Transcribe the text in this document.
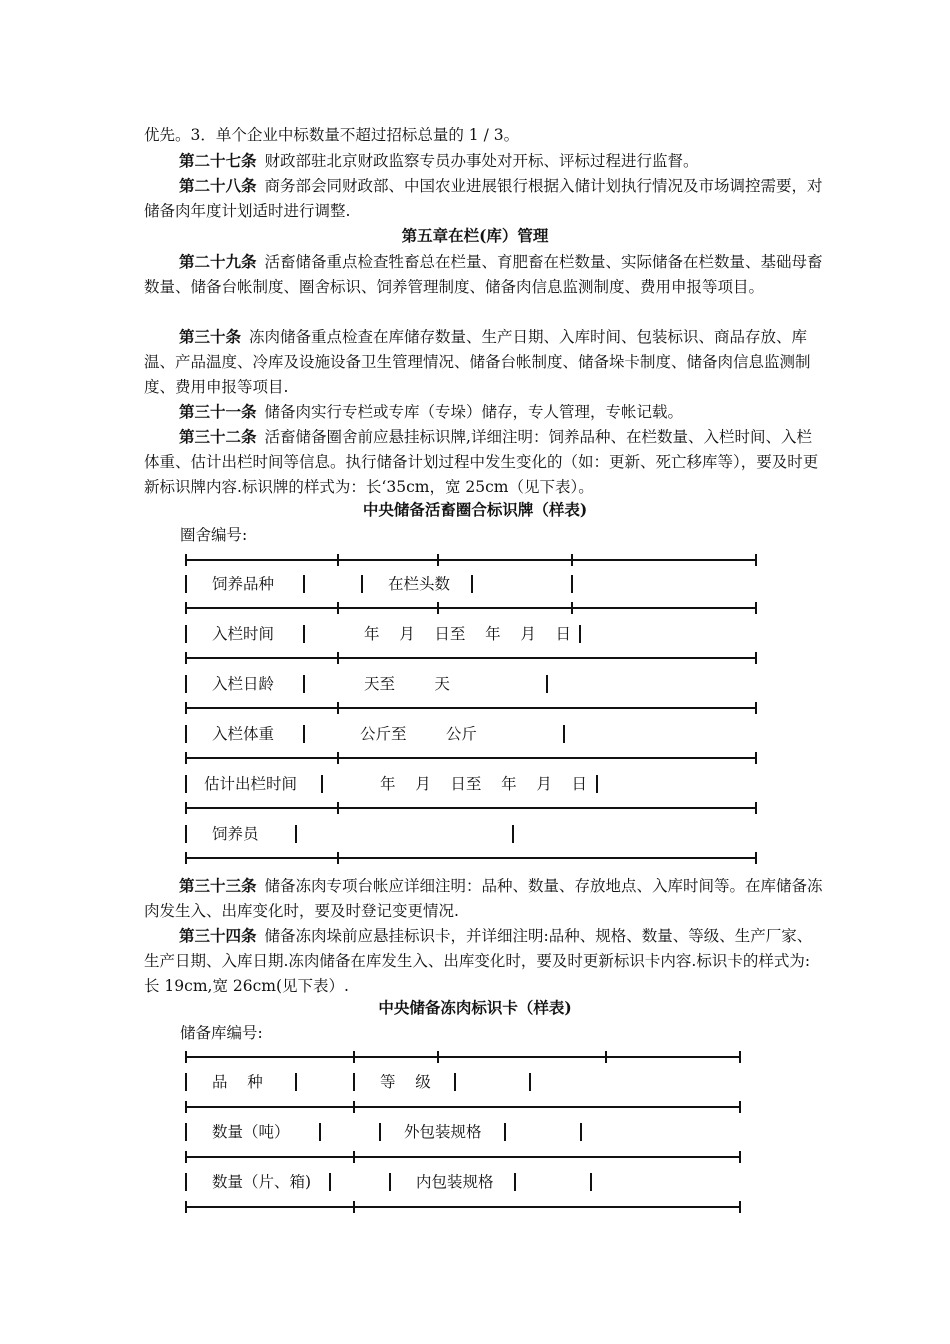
优先。3．单个企业中标数量不超过招标总量的 1 / 3。

第二十七条 财政部驻北京财政监察专员办事处对开标、评标过程进行监督。

第二十八条 商务部会同财政部、中国农业进展银行根据入储计划执行情况及市场调控需要，对储备肉年度计划适时进行调整.

第五章在栏(库）管理

第二十九条 活畜储备重点检查牲畜总在栏量、育肥畜在栏数量、实际储备在栏数量、基础母畜数量、储备台帐制度、圈舍标识、饲养管理制度、储备肉信息监测制度、费用申报等项目。

第三十条 冻肉储备重点检查在库储存数量、生产日期、入库时间、包装标识、商品存放、库温、产品温度、冷库及设施设备卫生管理情况、储备台帐制度、储备垛卡制度、储备肉信息监测制度、费用申报等项目.

第三十一条 储备肉实行专栏或专库（专垛）储存，专人管理，专帐记载。

第三十二条 活畜储备圈舍前应悬挂标识牌,详细注明：饲养品种、在栏数量、入栏时间、入栏体重、估计出栏时间等信息。执行储备计划过程中发生变化的（如：更新、死亡移库等），要及时更新标识牌内容.标识牌的样式为：长‘35cm，宽 25cm（见下表）。

中央储备活畜圈合标识牌（样表)
圈舍编号:
饲养品种	在栏头数
入栏时间	年    月    日至    年    月    日
入栏日龄	天至        天
入栏体重	公斤至        公斤
估计出栏时间	年    月    日至    年    月    日
饲养员

第三十三条 储备冻肉专项台帐应详细注明：品种、数量、存放地点、入库时间等。在库储备冻肉发生入、出库变化时，要及时登记变更情况.

第三十四条 储备冻肉垛前应悬挂标识卡，并详细注明:品种、规格、数量、等级、生产厂家、生产日期、入库日期.冻肉储备在库发生入、出库变化时，要及时更新标识卡内容.标识卡的样式为:长 19cm,宽 26cm(见下表）.

中央储备冻肉标识卡（样表)
储备库编号:
品    种	等    级
数量（吨）	外包装规格
数量（片、箱)	内包装规格
